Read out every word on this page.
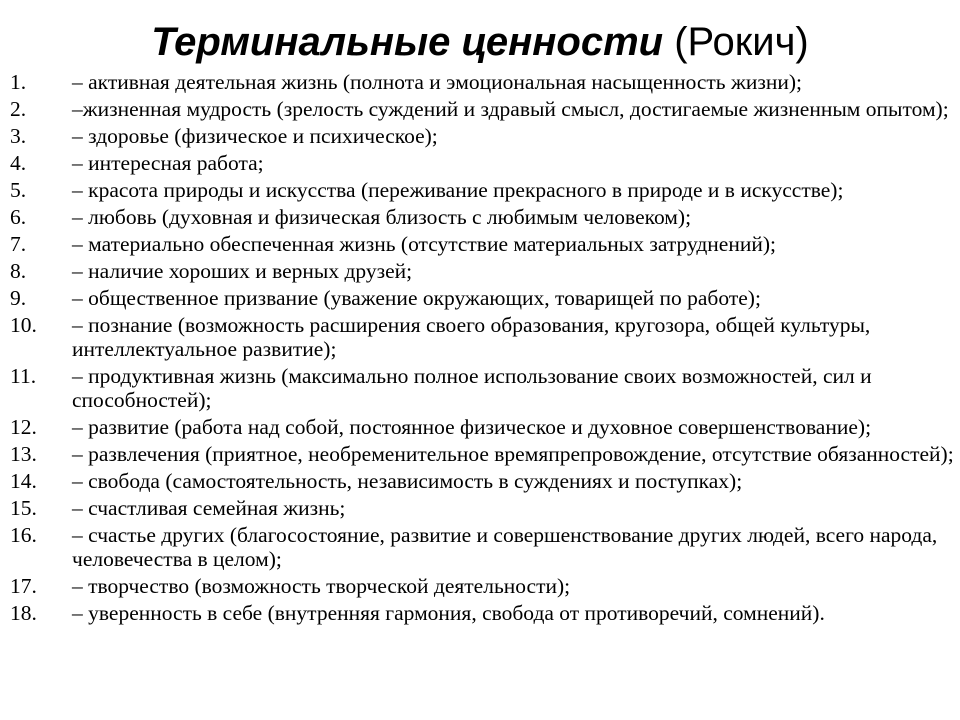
Терминальные ценности (Рокич)
1.	– активная деятельная жизнь (полнота и эмоциональная насыщенность жизни);
2.	–жизненная мудрость (зрелость суждений и здравый смысл, достигаемые жизненным опытом);
3.	– здоровье (физическое и психическое);
4.	– интересная работа;
5.	– красота природы и искусства (переживание прекрасного в природе и в искусстве);
6.	– любовь (духовная и физическая близость с любимым человеком);
7.	– материально обеспеченная жизнь (отсутствие материальных затруднений);
8.	– наличие хороших и верных друзей;
9.	– общественное призвание (уважение окружающих, товарищей по работе);
10.	– познание (возможность расширения своего образования, кругозора, общей культуры, интеллектуальное развитие);
11.	– продуктивная жизнь (максимально полное использование своих возможностей, сил и способностей);
12.	– развитие (работа над собой, постоянное физическое и духовное совершенствование);
13.	– развлечения (приятное, необременительное времяпрепровождение, отсутствие обязанностей);
14.	– свобода (самостоятельность, независимость в суждениях и поступках);
15.	– счастливая семейная жизнь;
16.	– счастье других (благосостояние, развитие и совершенствование других людей, всего народа, человечества в целом);
17.	– творчество (возможность творческой деятельности);
18.	– уверенность в себе (внутренняя гармония, свобода от противоречий, сомнений).
